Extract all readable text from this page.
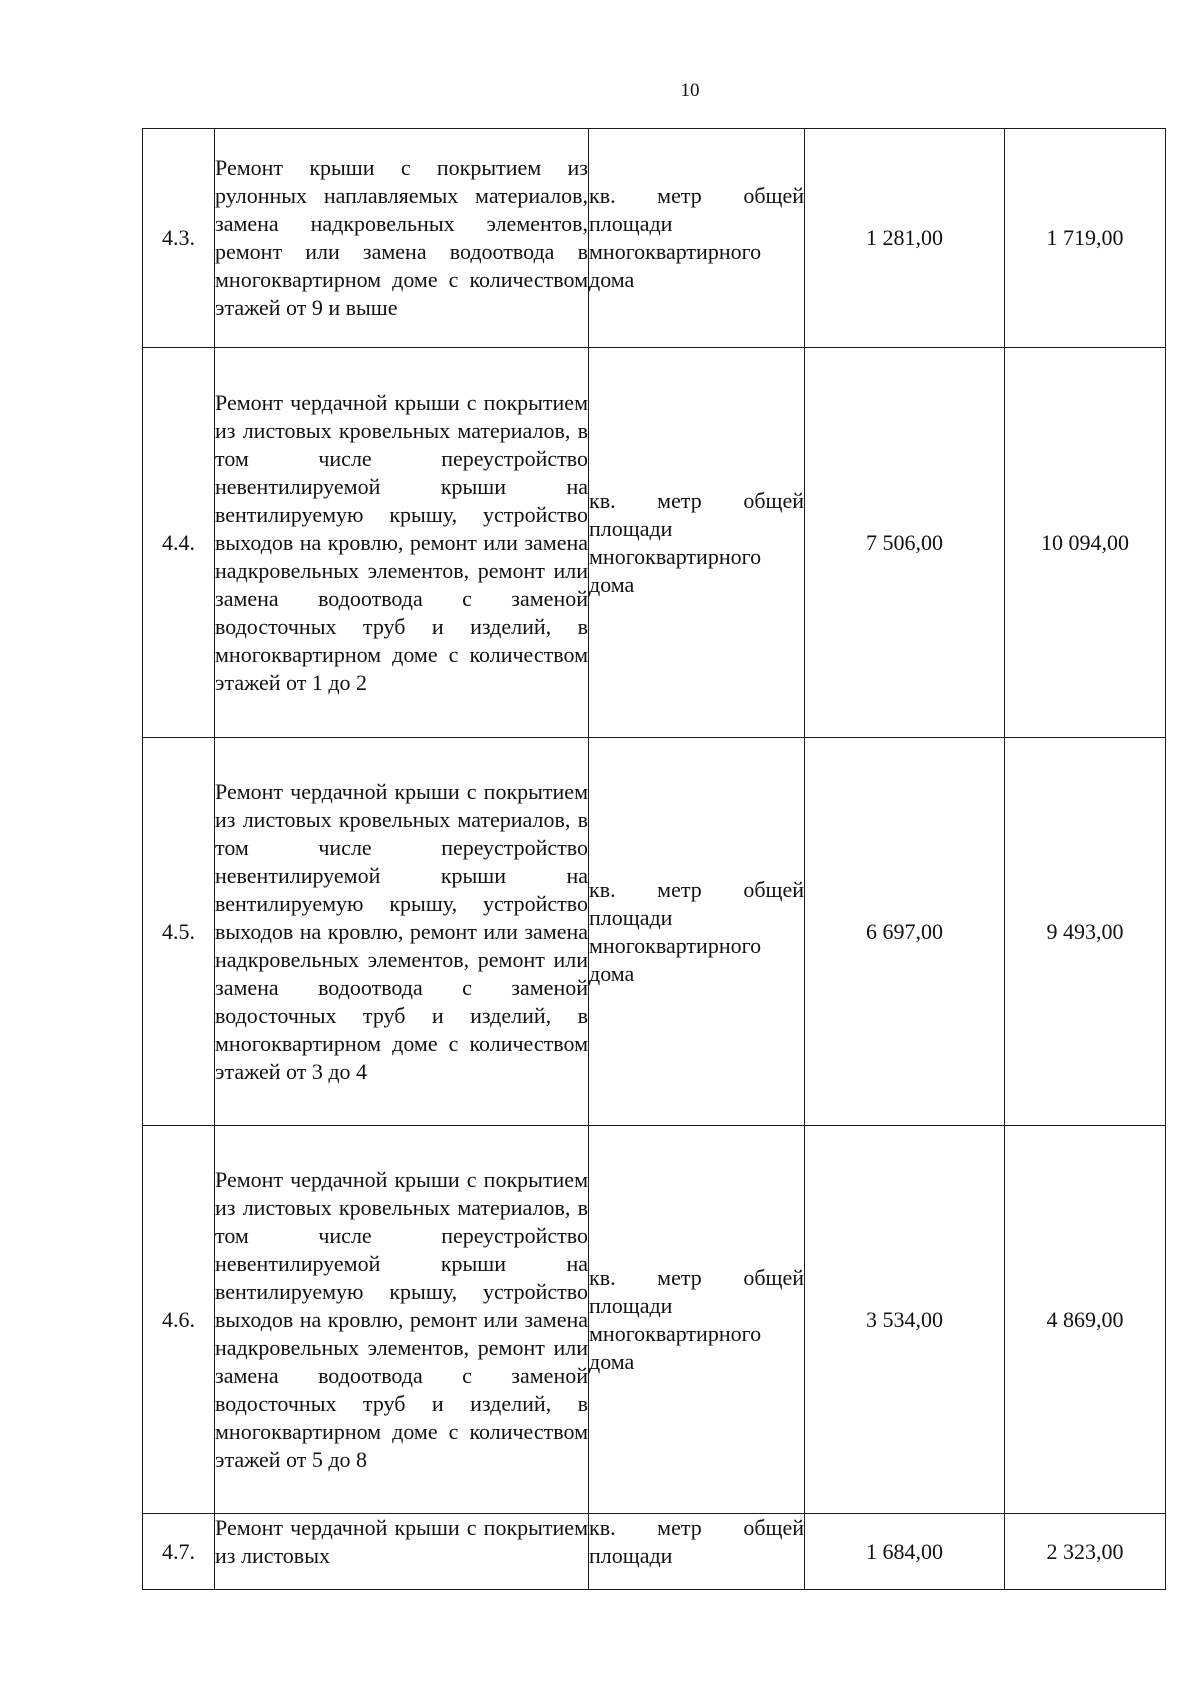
10
4.3.	Ремонт крыши с покрытием из рулонных наплавляемых материалов, замена надкровельных элементов, ремонт или замена водоотвода в многоквартирном доме с количеством этажей от 9 и выше	кв. метр общей площади многоквартирного дома	1 281,00	1 719,00
4.4.	Ремонт чердачной крыши с покрытием из листовых кровельных материалов, в том числе переустройство невентилируемой крыши на вентилируемую крышу, устройство выходов на кровлю, ремонт или замена надкровельных элементов, ремонт или замена водоотвода с заменой водосточных труб и изделий, в многоквартирном доме с количеством этажей от 1 до 2	кв. метр общей площади многоквартирного дома	7 506,00	10 094,00
4.5.	Ремонт чердачной крыши с покрытием из листовых кровельных материалов, в том числе переустройство невентилируемой крыши на вентилируемую крышу, устройство выходов на кровлю, ремонт или замена надкровельных элементов, ремонт или замена водоотвода с заменой водосточных труб и изделий, в многоквартирном доме с количеством этажей от 3 до 4	кв. метр общей площади многоквартирного дома	6 697,00	9 493,00
4.6.	Ремонт чердачной крыши с покрытием из листовых кровельных материалов, в том числе переустройство невентилируемой крыши на вентилируемую крышу, устройство выходов на кровлю, ремонт или замена надкровельных элементов, ремонт или замена водоотвода с заменой водосточных труб и изделий, в многоквартирном доме с количеством этажей от 5 до 8	кв. метр общей площади многоквартирного дома	3 534,00	4 869,00
4.7.	Ремонт чердачной крыши с покрытием из листовых	кв. метр общей площади	1 684,00	2 323,00
